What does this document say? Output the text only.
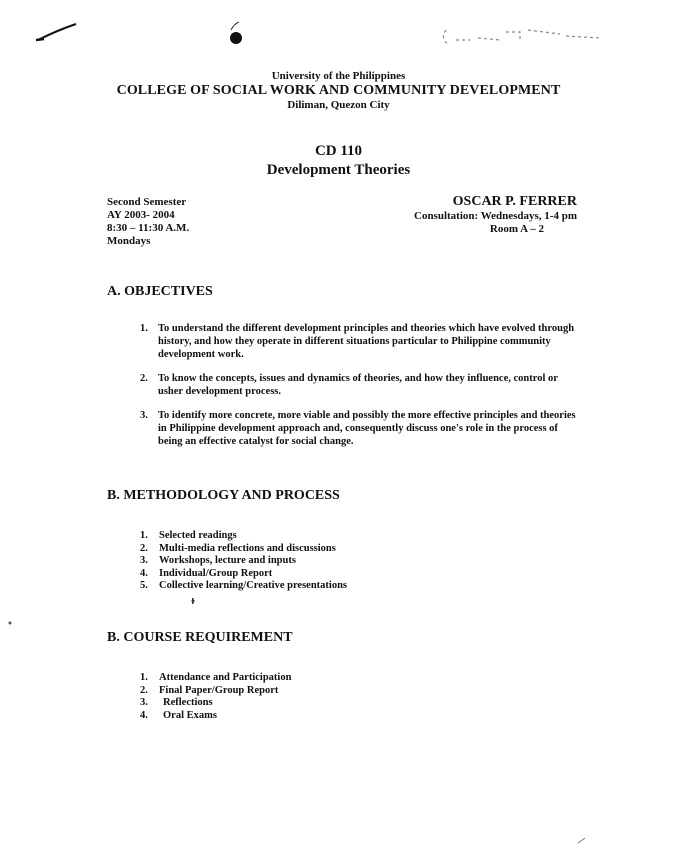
University of the Philippines
COLLEGE OF SOCIAL WORK AND COMMUNITY DEVELOPMENT
Diliman, Quezon City
CD 110
Development Theories
Second Semester
AY 2003- 2004
8:30 – 11:30 A.M.
Mondays
OSCAR P. FERRER
Consultation: Wednesdays, 1-4 pm
Room A – 2
A. OBJECTIVES
1. To understand the different development principles and theories which have evolved through history, and how they operate in different situations particular to Philippine community development work.
2. To know the concepts, issues and dynamics of theories, and how they influence, control or usher development process.
3. To identify more concrete, more viable and possibly the more effective principles and theories in Philippine development approach and, consequently discuss one's role in the process of being an effective catalyst for social change.
B. METHODOLOGY AND PROCESS
1. Selected readings
2. Multi-media reflections and discussions
3. Workshops, lecture and inputs
4. Individual/Group Report
5. Collective learning/Creative presentations
B. COURSE REQUIREMENT
1. Attendance and Participation
2. Final Paper/Group Report
3. Reflections
4. Oral Exams
